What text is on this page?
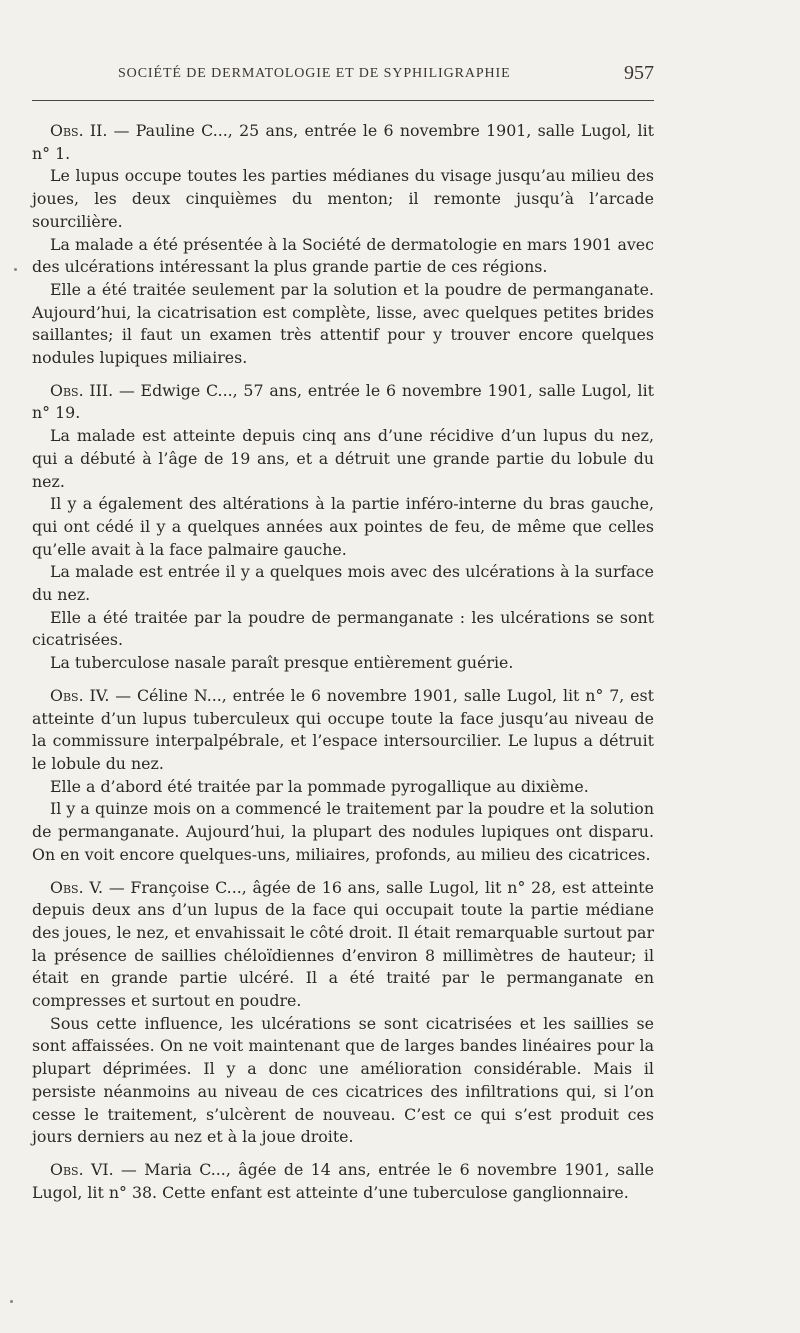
SOCIÉTÉ DE DERMATOLOGIE ET DE SYPHILIGRAPHIE	957

Obs. II. — Pauline C..., 25 ans, entrée le 6 novembre 1901, salle Lugol, lit n° 1.

Le lupus occupe toutes les parties médianes du visage jusqu’au milieu des joues, les deux cinquièmes du menton; il remonte jusqu’à l’arcade sourcilière.

La malade a été présentée à la Société de dermatologie en mars 1901 avec des ulcérations intéressant la plus grande partie de ces régions.

Elle a été traitée seulement par la solution et la poudre de permanganate. Aujourd’hui, la cicatrisation est complète, lisse, avec quelques petites brides saillantes; il faut un examen très attentif pour y trouver encore quelques nodules lupiques miliaires.

Obs. III. — Edwige C..., 57 ans, entrée le 6 novembre 1901, salle Lugol, lit n° 19.

La malade est atteinte depuis cinq ans d’une récidive d’un lupus du nez, qui a débuté à l’âge de 19 ans, et a détruit une grande partie du lobule du nez.

Il y a également des altérations à la partie inféro-interne du bras gauche, qui ont cédé il y a quelques années aux pointes de feu, de même que celles qu’elle avait à la face palmaire gauche.

La malade est entrée il y a quelques mois avec des ulcérations à la surface du nez.

Elle a été traitée par la poudre de permanganate : les ulcérations se sont cicatrisées.

La tuberculose nasale paraît presque entièrement guérie.

Obs. IV. — Céline N..., entrée le 6 novembre 1901, salle Lugol, lit n° 7, est atteinte d’un lupus tuberculeux qui occupe toute la face jusqu’au niveau de la commissure interpalpébrale, et l’espace intersourcilier. Le lupus a détruit le lobule du nez.

Elle a d’abord été traitée par la pommade pyrogallique au dixième.

Il y a quinze mois on a commencé le traitement par la poudre et la solution de permanganate. Aujourd’hui, la plupart des nodules lupiques ont disparu. On en voit encore quelques-uns, miliaires, profonds, au milieu des cicatrices.

Obs. V. — Françoise C..., âgée de 16 ans, salle Lugol, lit n° 28, est atteinte depuis deux ans d’un lupus de la face qui occupait toute la partie médiane des joues, le nez, et envahissait le côté droit. Il était remarquable surtout par la présence de saillies chéloïdiennes d’environ 8 millimètres de hauteur; il était en grande partie ulcéré. Il a été traité par le permanganate en compresses et surtout en poudre.

Sous cette influence, les ulcérations se sont cicatrisées et les saillies se sont affaissées. On ne voit maintenant que de larges bandes linéaires pour la plupart déprimées. Il y a donc une amélioration considérable. Mais il persiste néanmoins au niveau de ces cicatrices des infiltrations qui, si l’on cesse le traitement, s’ulcèrent de nouveau. C’est ce qui s’est produit ces jours derniers au nez et à la joue droite.

Obs. VI. — Maria C..., âgée de 14 ans, entrée le 6 novembre 1901, salle Lugol, lit n° 38. Cette enfant est atteinte d’une tuberculose ganglionnaire.
